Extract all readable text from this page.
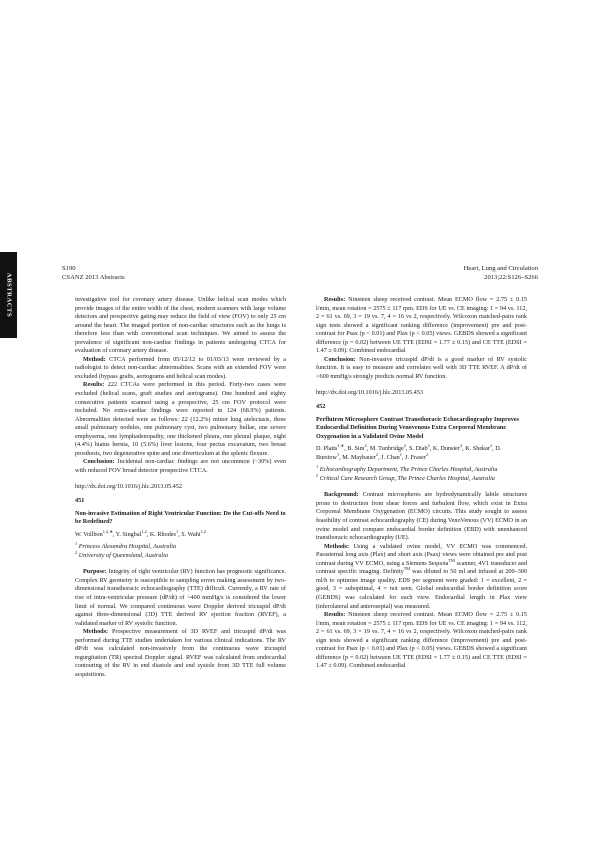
S190
CSANZ 2013 Abstracts
Heart, Lung and Circulation
2013;22:S126–S266
ABSTRACTS	investigative tool for coronary artery disease. Unlike helical scan modes which provide images of the entire width of the chest, modern scanners with large volume detectors and prospective gating may reduce the field of view (FOV) to only 25 cm around the heart. The imaged portion of non-cardiac structures such as the lungs is therefore less than with conventional scan techniques. We aimed to assess the prevalence of significant non-cardiac findings in patients undergoing CTCA for evaluation of coronary artery disease.

Method: CTCA performed from 05/12/12 to 01/03/13 were reviewed by a radiologist to detect non-cardiac abnormalities. Scans with an extended FOV were excluded (bypass grafts, aortograms and helical scan modes).

Results: 222 CTCAs were performed in this period. Forty-two cases were excluded (helical scans, graft studies and aortograms). One hundred and eighty consecutive patients scanned using a prospective, 25 cm FOV protocol were included. No extra-cardiac findings were reported in 124 (68.9%) patients. Abnormalities detected were as follows: 22 (12.2%) minor lung atelectasis, three small pulmonary nodules, one pulmonary cyst, two pulmonary bullae, one severe emphysema, one lymphadenopathy, one thickened pleura, one pleural plaque, eight (4.4%) hiatus hernia, 10 (5.6%) liver lesions, four pectus excavatum, two breast prosthesis, two degenerative spine and one diverticulum at the splenic flexure.

Conclusion: Incidental non-cardiac findings are not uncommon (~30%) even with reduced FOV broad detector prospective CTCA.

http://dx.doi.org/10.1016/j.hlc.2013.05.452

451

Non-invasive Estimation of Right Ventricular Function: Do the Cut-offs Need to be Redefined?

W. Vollbon$^{1,2,∗}$, Y. Singbal$^{1,2}$, K. Rhodes$^1$, S. Wahi$^{1,2}$

$^1$ Princess Alexandra Hospital, Australia

$^2$ University of Queensland, Australia

Purpose: Integrity of right ventricular (RV) function has prognostic significance. Complex RV geometry is susceptible to sampling errors making assessment by two-dimensional transthoracic echocardiography (TTE) difficult. Currently, a RV rate of rise of intra-ventricular pressure (dP/dt) of >400 mmHg/s is considered the lower limit of normal. We compared continuous wave Doppler derived tricuspid dP/dt against three-dimensional (3D) TTE derived RV ejection fraction (RVEF), a validated marker of RV systolic function.

Methods: Prospective measurement of 3D RVEF and tricuspid dP/dt was performed during TTE studies undertaken for various clinical indications. The RV dP/dt was calculated non-invasively from the continuous wave tricuspid regurgitation (TR) spectral Doppler signal. RVEF was calculated from endocardial contouring of the RV in end diastole and end systole from 3D TTE full volume acquisitions.

Results: Nineteen sheep received contrast. Mean ECMO flow = 2.75 ± 0.15 l/min, mean rotation = 2575 ± 117 rpm. EDS for UE vs. CE imaging: 1 = 94 vs. 112, 2 = 61 vs. 69, 3 = 19 vs. 7, 4 = 16 vs 2, respectively. Wilcoxon matched-pairs rank sign tests showed a significant ranking difference (improvement) pre and post-contrast for Psax (p < 0.01) and Plax (p < 0.05) views. GEBDS showed a significant difference (p = 0.02) between UE TTE (EDSI = 1.77 ± 0.15) and CE TTE (EDSI = 1.47 ± 0.09). Combined endocardial

Conclusion: Non-invasive tricuspid dP/dt is a good marker of RV systolic function. It is easy to measure and correlates well with 3D TTE RVEF. A dP/dt of >600 mmHg/s strongly predicts normal RV function.

http://dx.doi.org/10.1016/j.hlc.2013.05.453

452

Perflutren Microsphere Contrast Transthoracic Echocardiography Improves Endocardial Definition During Venovenous Extra Corporeal Membrane Oxygenation in a Validated Ovine Model

D. Platts$^{1,∗}$, B. Sim$^2$, M. Tunbridge$^2$, S. Diab$^2$, K. Dunster$^2$, K. Shekar$^2$, D. Burstow$^1$, M. Maybauer$^2$, J. Chan$^1$, J. Fraser$^2$

$^1$ Echocardiography Department, The Prince Charles Hospital, Australia

$^2$ Critical Care Research Group, The Prince Charles Hospital, Australia

Background: Contrast microspheres are hydrodynamically labile structures prone to destruction from shear forces and turbulent flow, which exist in Extra Corporeal Membrane Oxygenation (ECMO) circuits. This study sought to assess feasibility of contrast echocardiography (CE) during VenoVenous (VV) ECMO in an ovine model and compare endocardial border definition (EBD) with unenhanced transthoracic echocardiography (UE).

Methods: Using a validated ovine model, VV ECMO was commenced. Parasternal long axis (Plax) and short axis (Psax) views were obtained pre and post contrast during VV ECMO, using a Siemens Sequoia™ scanner, 4V1 transducer and contrast specific imaging. Definity™ was diluted to 50 ml and infused at 200–300 ml/h to optimise image quality. EDS per segment were graded: 1 = excellent, 2 = good, 3 = suboptimal, 4 = not seen. Global endocardial border definition score (GEBDS) was calculated for each view. Endocardial length in Plax view (inferolateral and anteroseptal) was measured.

Results: Nineteen sheep received contrast. Mean ECMO flow = 2.75 ± 0.15 l/min, mean rotation = 2575 ± 117 rpm. EDS for UE vs. CE imaging: 1 = 94 vs. 112, 2 = 61 vs. 69, 3 = 19 vs. 7, 4 = 16 vs 2, respectively. Wilcoxon matched-pairs rank sign tests showed a significant ranking difference (improvement) pre and post-contrast for Psax (p < 0.01) and Plax (p < 0.05) views. GEBDS showed a significant difference (p = 0.02) between UE TTE (EDSI = 1.77 ± 0.15) and CE TTE (EDSI = 1.47 ± 0.09). Combined endocardial
